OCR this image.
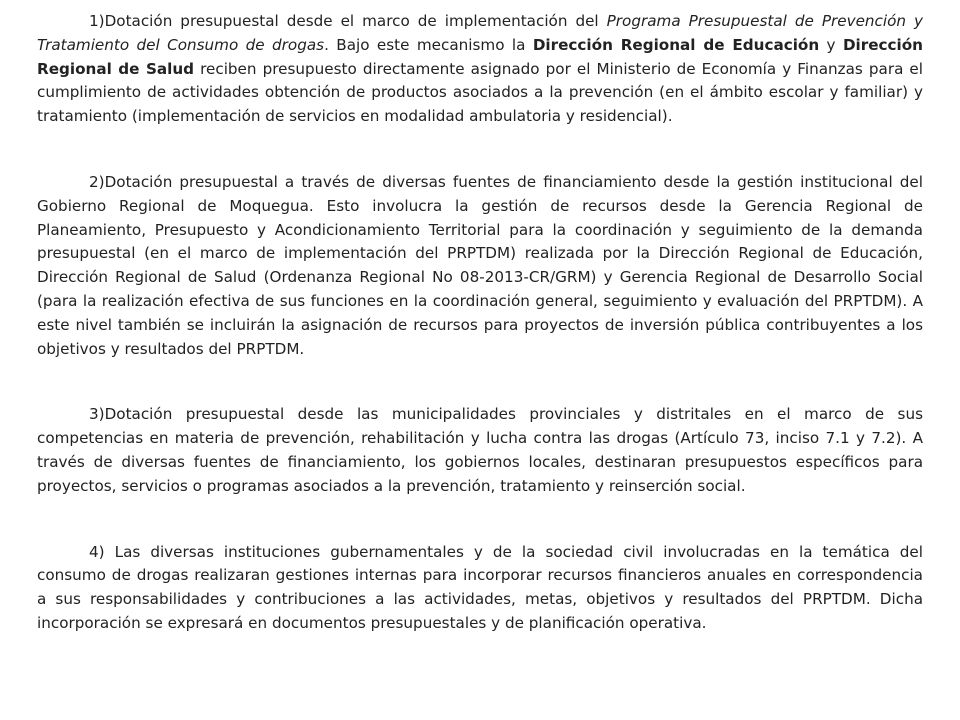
1)Dotación presupuestal desde el marco de implementación del Programa Presupuestal de Prevención y Tratamiento del Consumo de drogas. Bajo este mecanismo la Dirección Regional de Educación y Dirección Regional de Salud reciben presupuesto directamente asignado por el Ministerio de Economía y Finanzas para el cumplimiento de actividades obtención de productos asociados a la prevención (en el ámbito escolar y familiar) y tratamiento (implementación de servicios en modalidad ambulatoria y residencial).

2)Dotación presupuestal a través de diversas fuentes de financiamiento desde la gestión institucional del Gobierno Regional de Moquegua. Esto involucra la gestión de recursos desde la Gerencia Regional de Planeamiento, Presupuesto y Acondicionamiento Territorial para la coordinación y seguimiento de la demanda presupuestal (en el marco de implementación del PRPTDM) realizada por la Dirección Regional de Educación, Dirección Regional de Salud (Ordenanza Regional No 08-2013-CR/GRM) y Gerencia Regional de Desarrollo Social (para la realización efectiva de sus funciones en la coordinación general, seguimiento y evaluación del PRPTDM). A este nivel también se incluirán la asignación de recursos para proyectos de inversión pública contribuyentes a los objetivos y resultados del PRPTDM.

3)Dotación presupuestal desde las municipalidades provinciales y distritales en el marco de sus competencias en materia de prevención, rehabilitación y lucha contra las drogas (Artículo 73, inciso 7.1 y 7.2). A través de diversas fuentes de financiamiento, los gobiernos locales, destinaran presupuestos específicos para proyectos, servicios o programas asociados a la prevención, tratamiento y reinserción social.

4) Las diversas instituciones gubernamentales y de la sociedad civil involucradas en la temática del consumo de drogas realizaran gestiones internas para incorporar recursos financieros anuales en correspondencia a sus responsabilidades y contribuciones a las actividades, metas, objetivos y resultados del PRPTDM. Dicha incorporación se expresará en documentos presupuestales y de planificación operativa.
